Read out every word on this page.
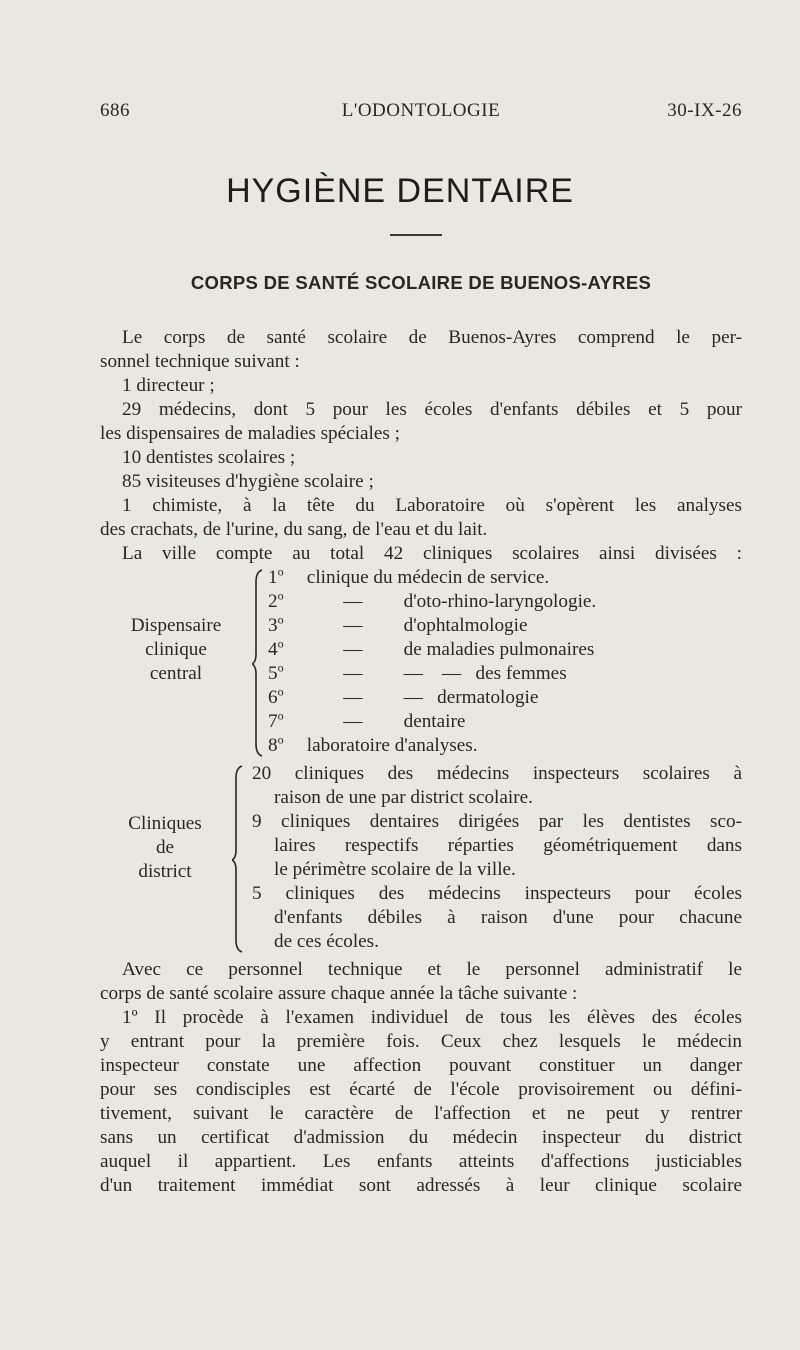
686	L'ODONTOLOGIE	30-IX-26
HYGIÈNE DENTAIRE
CORPS DE SANTÉ SCOLAIRE DE BUENOS-AYRES
Le corps de santé scolaire de Buenos-Ayres comprend le per-
sonnel technique suivant :
1 directeur ;
29 médecins, dont 5 pour les écoles d'enfants débiles et 5 pour
les dispensaires de maladies spéciales ;
10 dentistes scolaires ;
85 visiteuses d'hygiène scolaire ;
1 chimiste, à la tête du Laboratoire où s'opèrent les analyses
des crachats, de l'urine, du sang, de l'eau et du lait.
La ville compte au total 42 cliniques scolaires ainsi divisées :
Dispensaire
clinique
central
1$^o$ clinique du médecin de service.
2$^o$	— d'oto-rhino-laryngologie.
3$^o$	— d'ophtalmologie
4$^o$	— de maladies pulmonaires
5$^o$	— —    —   des femmes
6$^o$	— —   dermatologie
7$^o$	— dentaire
8$^o$ laboratoire d'analyses.
Cliniques
de
district
20 cliniques des médecins inspecteurs scolaires à
raison de une par district scolaire.
9 cliniques dentaires dirigées par les dentistes sco-
laires respectifs réparties géométriquement dans
le périmètre scolaire de la ville.
5 cliniques des médecins inspecteurs pour écoles
d'enfants débiles à raison d'une pour chacune
de ces écoles.
Avec ce personnel technique et le personnel administratif le
corps de santé scolaire assure chaque année la tâche suivante :
1º Il procède à l'examen individuel de tous les élèves des écoles
y entrant pour la première fois. Ceux chez lesquels le médecin
inspecteur constate une affection pouvant constituer un danger
pour ses condisciples est écarté de l'école provisoirement ou défini-
tivement, suivant le caractère de l'affection et ne peut y rentrer
sans un certificat d'admission du médecin inspecteur du district
auquel il appartient. Les enfants atteints d'affections justiciables
d'un traitement immédiat sont adressés à leur clinique scolaire
